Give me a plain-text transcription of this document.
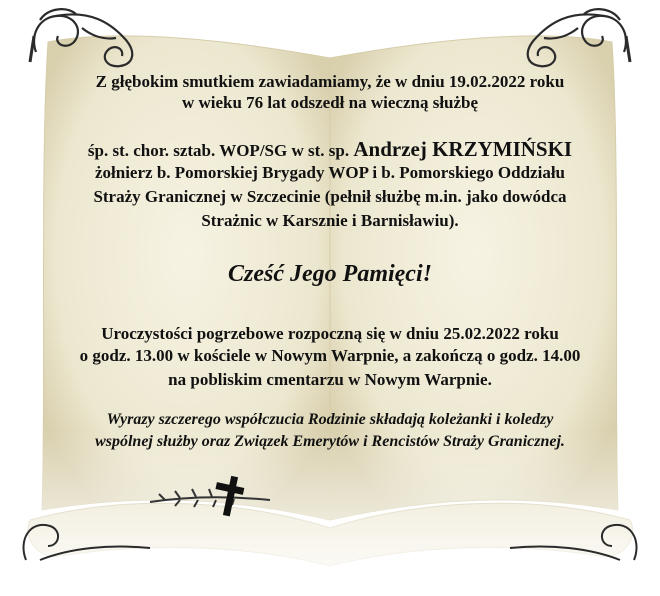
Z głębokim smutkiem zawiadamiamy, że w dniu 19.02.2022 roku
w wieku 76 lat odszedł na wieczną służbę
śp. st. chor. sztab. WOP/SG w st. sp. Andrzej KRZYMIŃSKI
żołnierz b. Pomorskiej Brygady WOP i b. Pomorskiego Oddziału
Straży Granicznej w Szczecinie (pełnił służbę m.in. jako dowódca
Strażnic w Karsznie i Barnisławiu).
Cześć Jego Pamięci!
Uroczystości pogrzebowe rozpoczną się w dniu 25.02.2022 roku
o godz. 13.00 w kościele w Nowym Warpnie, a zakończą o godz. 14.00
na pobliskim cmentarzu w Nowym Warpnie.
Wyrazy szczerego współczucia Rodzinie składają koleżanki i koledzy
wspólnej służby oraz Związek Emerytów i Rencistów Straży Granicznej.
